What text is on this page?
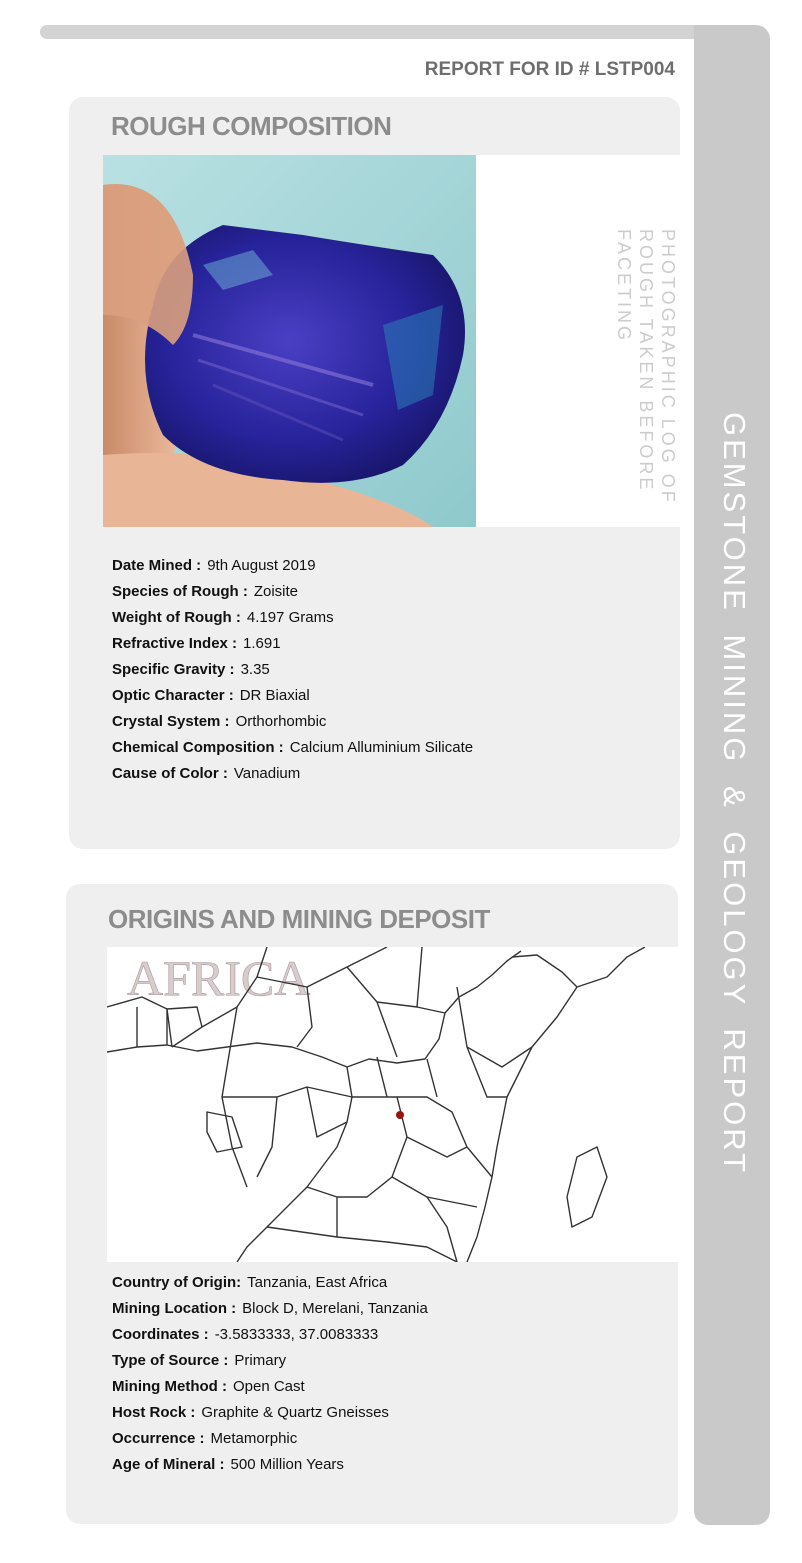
GEMSTONE MINING & GEOLOGY REPORT
REPORT FOR ID # LSTP004
ROUGH COMPOSITION
PHOTOGRAPHIC LOG OF ROUGH TAKEN BEFORE FACETING
Date Mined : 9th August 2019
Species of Rough : Zoisite
Weight of Rough : 4.197 Grams
Refractive Index : 1.691
Specific Gravity : 3.35
Optic Character : DR Biaxial
Crystal System : Orthorhombic
Chemical Composition : Calcium Alluminium Silicate
Cause of Color : Vanadium
ORIGINS AND MINING DEPOSIT
AFRICA
Country of Origin: Tanzania, East Africa
Mining Location : Block D, Merelani, Tanzania
Coordinates : -3.5833333, 37.0083333
Type of Source : Primary
Mining Method : Open Cast
Host Rock : Graphite & Quartz Gneisses
Occurrence : Metamorphic
Age of Mineral : 500 Million Years
